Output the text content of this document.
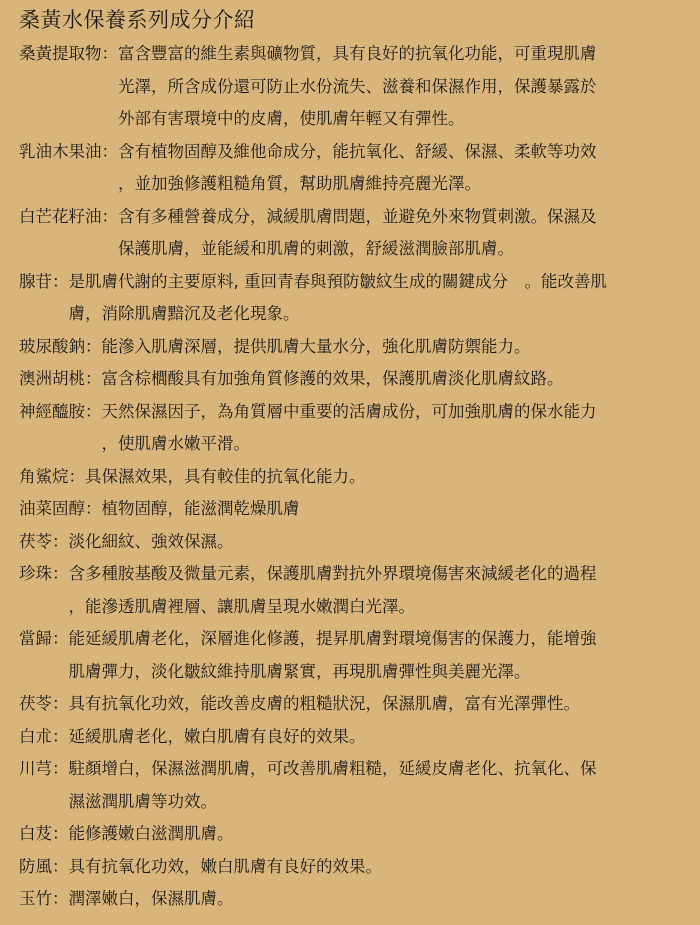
桑黃水保養系列成分介紹
桑黃提取物： 富含豐富的維生素與礦物質，具有良好的抗氧化功能，可重現肌膚
光澤，所含成份還可防止水份流失、滋養和保濕作用，保護暴露於
外部有害環境中的皮膚，使肌膚年輕又有彈性。
乳油木果油： 含有植物固醇及維他命成分，能抗氧化、舒緩、保濕、柔軟等功效
，並加強修護粗糙角質，幫助肌膚維持亮麗光澤。
白芒花籽油： 含有多種營養成分，減緩肌膚問題，並避免外來物質刺激。保濕及
保護肌膚，並能緩和肌膚的刺激，舒緩滋潤臉部肌膚。
腺苷： 是肌膚代謝的主要原料, 重回青春與預防皺紋生成的關鍵成分　。能改善肌
膚，消除肌膚黯沉及老化現象。
玻尿酸鈉： 能滲入肌膚深層，提供肌膚大量水分，強化肌膚防禦能力。
澳洲胡桃： 富含棕櫚酸具有加強角質修護的效果，保護肌膚淡化肌膚紋路。
神經醯胺： 天然保濕因子，為角質層中重要的活膚成份，可加強肌膚的保水能力
，使肌膚水嫩平滑。
角鯊烷： 具保濕效果，具有較佳的抗氧化能力。
油菜固醇： 植物固醇，能滋潤乾燥肌膚
茯苓： 淡化細紋、強效保濕。
珍珠： 含多種胺基酸及微量元素，保護肌膚對抗外界環境傷害來減緩老化的過程
，能滲透肌膚裡層、讓肌膚呈現水嫩潤白光澤。
當歸： 能延緩肌膚老化，深層進化修護，提昇肌膚對環境傷害的保護力，能增強
肌膚彈力，淡化皺紋維持肌膚緊實，再現肌膚彈性與美麗光澤。
茯苓： 具有抗氧化功效，能改善皮膚的粗糙狀況，保濕肌膚，富有光澤彈性。
白朮： 延緩肌膚老化，嫩白肌膚有良好的效果。
川芎： 駐顏增白，保濕滋潤肌膚，可改善肌膚粗糙，延緩皮膚老化、抗氧化、保
濕滋潤肌膚等功效。
白芨： 能修護嫩白滋潤肌膚。
防風： 具有抗氧化功效，嫩白肌膚有良好的效果。
玉竹： 潤澤嫩白，保濕肌膚。
